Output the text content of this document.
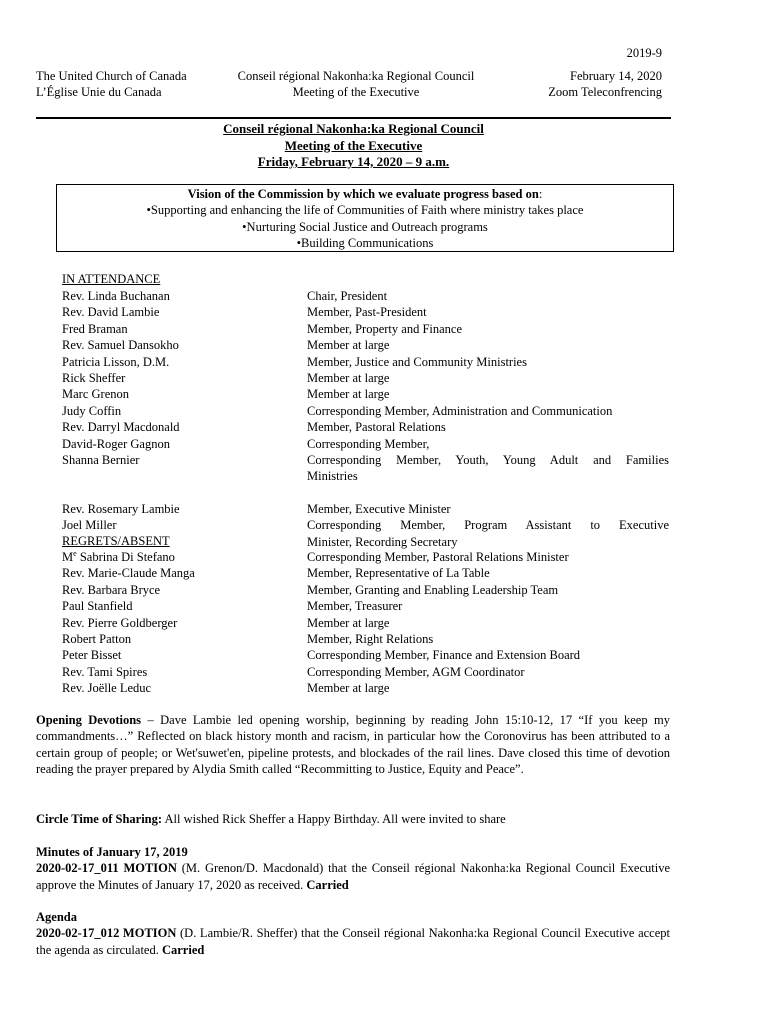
2019-9
The United Church of Canada
L’Église Unie du Canada
Conseil régional Nakonha:ka Regional Council
Meeting of the Executive
February 14, 2020
Zoom Teleconfrencing
Conseil régional Nakonha:ka Regional Council
Meeting of the Executive
Friday, February 14, 2020 – 9 a.m.
Vision of the Commission by which we evaluate progress based on:
•Supporting and enhancing the life of Communities of Faith where ministry takes place
•Nurturing Social Justice and Outreach programs
•Building Communications
IN ATTENDANCE
Rev. Linda Buchanan
Rev. David Lambie
Fred Braman
Rev. Samuel Dansokho
Patricia Lisson, D.M.
Rick Sheffer
Marc Grenon
Judy Coffin
Rev. Darryl Macdonald
David-Roger Gagnon
Shanna Bernier
Rev. Rosemary Lambie
Joel Miller
Chair, President
Member, Past-President
Member, Property and Finance
Member at large
Member, Justice and Community Ministries
Member at large
Member at large
Corresponding Member, Administration and Communication
Member, Pastoral Relations
Corresponding Member,
Corresponding Member, Youth, Young Adult and Families
Ministries
Member, Executive Minister
Corresponding Member, Program Assistant to Executive
Minister, Recording Secretary
REGRETS/ABSENT
Me Sabrina Di Stefano
Rev. Marie-Claude Manga
Rev. Barbara Bryce
Paul Stanfield
Rev. Pierre Goldberger
Robert Patton
Peter Bisset
Rev. Tami Spires
Rev. Joëlle Leduc
Corresponding Member, Pastoral Relations Minister
Member, Representative of La Table
Member, Granting and Enabling Leadership Team
Member, Treasurer
Member at large
Member, Right Relations
Corresponding Member, Finance and Extension Board
Corresponding Member, AGM Coordinator
Member at large
Opening Devotions – Dave Lambie led opening worship, beginning by reading John 15:10-12, 17 “If you keep my commandments…” Reflected on black history month and racism, in particular how the Coronovirus has been attributed to a certain group of people; or Wet'suwet'en, pipeline protests, and blockades of the rail lines. Dave closed this time of devotion reading the prayer prepared by Alydia Smith called “Recommitting to Justice, Equity and Peace”.
Circle Time of Sharing: All wished Rick Sheffer a Happy Birthday. All were invited to share
Minutes of January 17, 2019
2020-02-17_011 MOTION (M. Grenon/D. Macdonald) that the Conseil régional Nakonha:ka Regional Council Executive approve the Minutes of January 17, 2020 as received. Carried
Agenda
2020-02-17_012 MOTION (D. Lambie/R. Sheffer) that the Conseil régional Nakonha:ka Regional Council Executive accept the agenda as circulated. Carried
